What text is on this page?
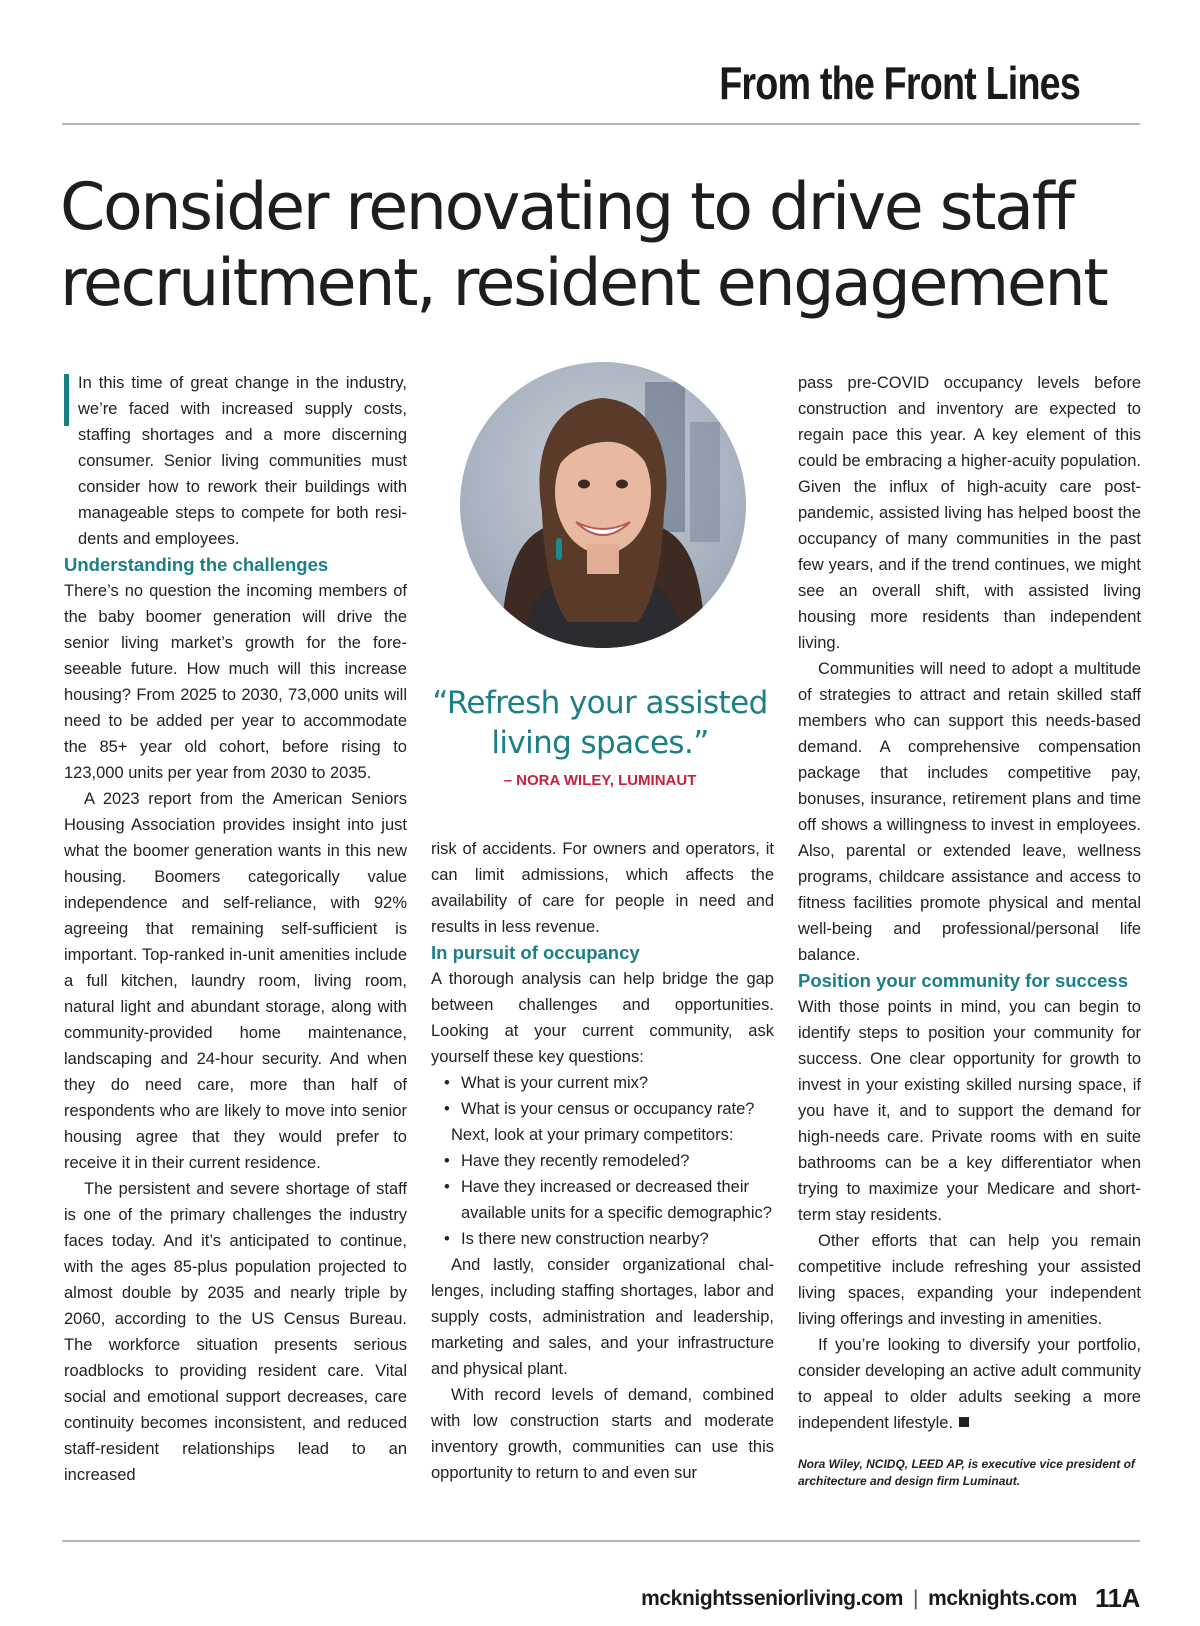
From the Front Lines
Consider renovating to drive staff recruitment, resident engagement

In this time of great change in the industry, we’re faced with increased supply costs, staffing shortages and a more discerning consumer. Senior living communities must consider how to rework their buildings with manageable steps to compete for both residents and employees.

Understanding the challenges

There’s no question the incoming members of the baby boomer generation will drive the senior living market’s growth for the foreseeable future. How much will this increase housing? From 2025 to 2030, 73,000 units will need to be added per year to accommodate the 85+ year old cohort, before rising to 123,000 units per year from 2030 to 2035.

A 2023 report from the American Seniors Housing Association provides insight into just what the boomer generation wants in this new housing. Boomers categorically value independence and self-reliance, with 92% agreeing that remaining self-sufficient is important. Top-ranked in-unit amenities include a full kitchen, laundry room, living room, natural light and abundant storage, along with community-provided home maintenance, landscaping and 24-hour security. And when they do need care, more than half of respondents who are likely to move into senior housing agree that they would prefer to receive it in their current residence.

The persistent and severe shortage of staff is one of the primary challenges the industry faces today. And it’s anticipated to continue, with the ages 85-plus population projected to almost double by 2035 and nearly triple by 2060, according to the US Census Bureau. The workforce situation presents serious roadblocks to providing resident care. Vital social and emotional support decreases, care continuity becomes inconsistent, and reduced staff-resident relationships lead to an increased

“Refresh your assisted living spaces.”

– NORA WILEY, LUMINAUT

risk of accidents. For owners and operators, it can limit admissions, which affects the availability of care for people in need and results in less revenue.

In pursuit of occupancy

A thorough analysis can help bridge the gap between challenges and opportunities. Looking at your current community, ask yourself these key questions:

• What is your current mix?
• What is your census or occupancy rate?

Next, look at your primary competitors:

• Have they recently remodeled?
• Have they increased or decreased their available units for a specific demographic?
• Is there new construction nearby?

And lastly, consider organizational challenges, including staffing shortages, labor and supply costs, administration and leadership, marketing and sales, and your infrastructure and physical plant.

With record levels of demand, combined with low construction starts and moderate inventory growth, communities can use this opportunity to return to and even sur

pass pre-COVID occupancy levels before construction and inventory are expected to regain pace this year. A key element of this could be embracing a higher-acuity population. Given the influx of high-acuity care post-pandemic, assisted living has helped boost the occupancy of many communities in the past few years, and if the trend continues, we might see an overall shift, with assisted living housing more residents than independent living.

Communities will need to adopt a multitude of strategies to attract and retain skilled staff members who can support this needs-based demand. A comprehensive compensation package that includes competitive pay, bonuses, insurance, retirement plans and time off shows a willingness to invest in employees. Also, parental or extended leave, wellness programs, childcare assistance and access to fitness facilities promote physical and mental well-being and professional/personal life balance.

Position your community for success

With those points in mind, you can begin to identify steps to position your community for success. One clear opportunity for growth to invest in your existing skilled nursing space, if you have it, and to support the demand for high-needs care. Private rooms with en suite bathrooms can be a key differentiator when trying to maximize your Medicare and short-term stay residents.

Other efforts that can help you remain competitive include refreshing your assisted living spaces, expanding your independent living offerings and investing in amenities.

If you’re looking to diversify your portfolio, consider developing an active adult community to appeal to older adults seeking a more independent lifestyle.

Nora Wiley, NCIDQ, LEED AP, is executive vice president of architecture and design firm Luminaut.

mcknightsseniorliving.com | mcknights.com 11A
